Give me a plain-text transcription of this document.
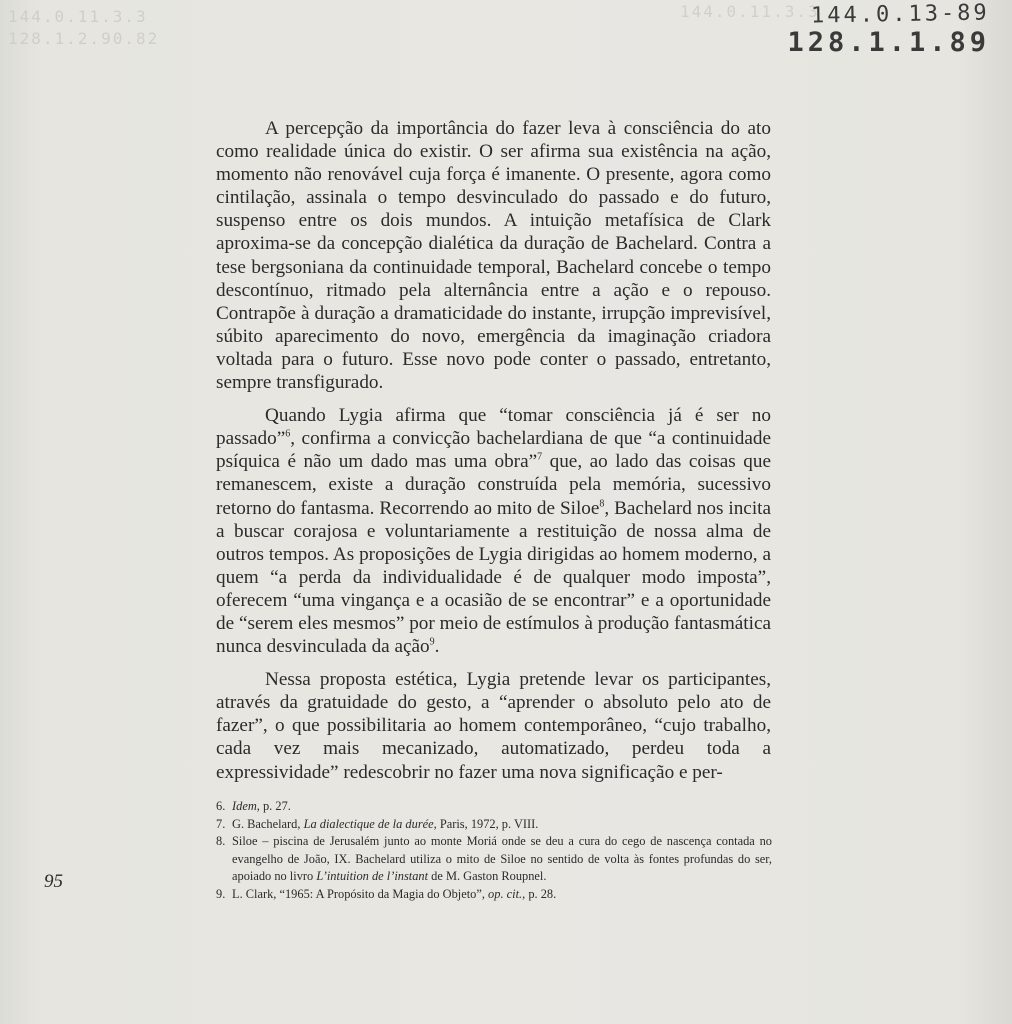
144.0.11.3.3
128.1.2.90.82
144.0.11.3.3
144.0.13-89
128.1.1.89

A percepção da importância do fazer leva à consciência do ato como realidade única do existir. O ser afirma sua existência na ação, momento não renovável cuja força é imanente. O presente, agora como cintilação, assinala o tempo desvinculado do passado e do futuro, suspenso entre os dois mundos. A intuição metafísica de Clark aproxima-se da concepção dialética da duração de Bachelard. Contra a tese bergsoniana da continuidade temporal, Bachelard concebe o tempo descontínuo, ritmado pela alternância entre a ação e o repouso. Contrapõe à duração a dramaticidade do instante, irrupção imprevisível, súbito aparecimento do novo, emergência da imaginação criadora voltada para o futuro. Esse novo pode conter o passado, entretanto, sempre transfigurado.

Quando Lygia afirma que “tomar consciência já é ser no passado”$^6$, confirma a convicção bachelardiana de que “a continuidade psíquica é não um dado mas uma obra”$^7$ que, ao lado das coisas que remanescem, existe a duração construída pela memória, sucessivo retorno do fantasma. Recorrendo ao mito de Siloe$^8$, Bachelard nos incita a buscar corajosa e voluntariamente a restituição de nossa alma de outros tempos. As proposições de Lygia dirigidas ao homem moderno, a quem “a perda da individualidade é de qualquer modo imposta”, oferecem “uma vingança e a ocasião de se encontrar” e a oportunidade de “serem eles mesmos” por meio de estímulos à produção fantasmática nunca desvinculada da ação$^9$.

Nessa proposta estética, Lygia pretende levar os participantes, através da gratuidade do gesto, a “aprender o absoluto pelo ato de fazer”, o que possibilitaria ao homem contemporâneo, “cujo trabalho, cada vez mais mecanizado, automatizado, perdeu toda a expressividade” redescobrir no fazer uma nova significação e per-

95
6. Idem, p. 27.
7. G. Bachelard, La dialectique de la durée, Paris, 1972, p. VIII.
8. Siloe – piscina de Jerusalém junto ao monte Moriá onde se deu a cura do cego de nascença contada no evangelho de João, IX. Bachelard utiliza o mito de Siloe no sentido de volta às fontes profundas do ser, apoiado no livro L’intuition de l’instant de M. Gaston Roupnel.
9. L. Clark, “1965: A Propósito da Magia do Objeto”, op. cit., p. 28.
